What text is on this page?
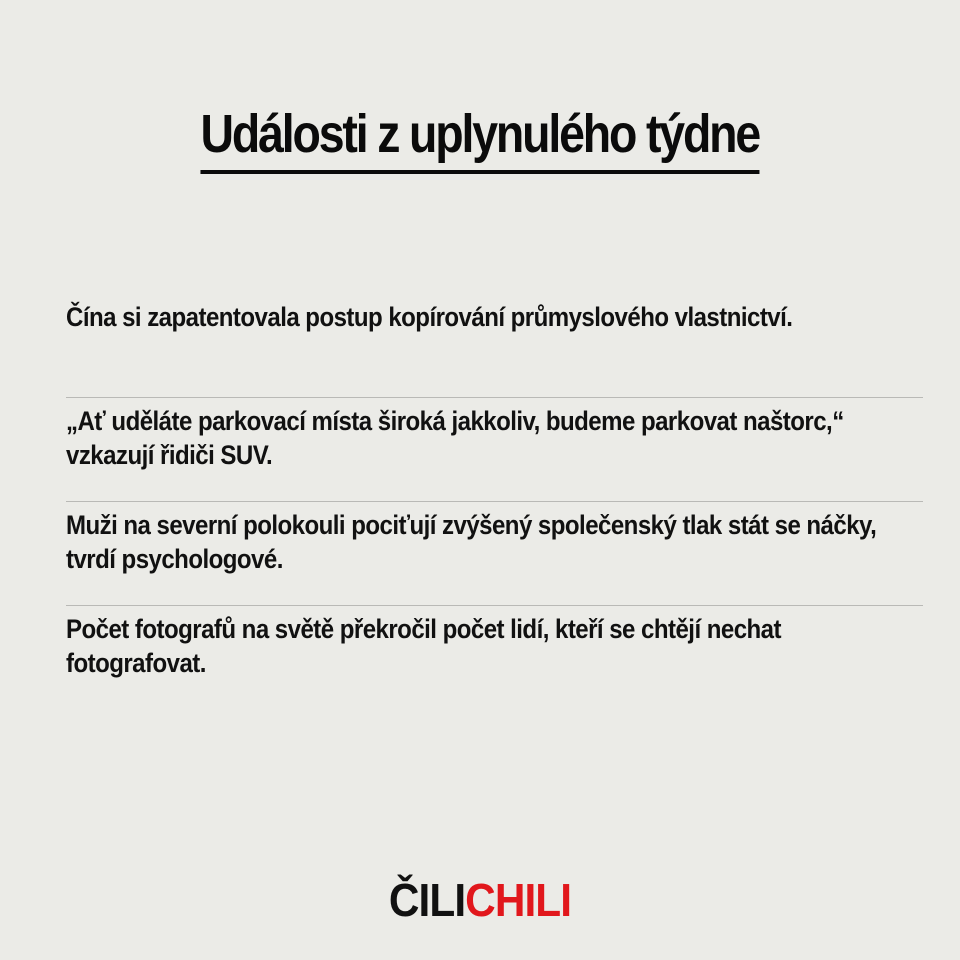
Události z uplynulého týdne
Čína si zapatentovala postup kopírování průmyslového vlastnictví.
„Ať uděláte parkovací místa široká jakkoliv, budeme parkovat naštorc,“ vzkazují řidiči SUV.
Muži na severní polokouli pociťují zvýšený společenský tlak stát se náčky, tvrdí psychologové.
Počet fotografů na světě překročil počet lidí, kteří se chtějí nechat fotografovat.
ČILICHILI
